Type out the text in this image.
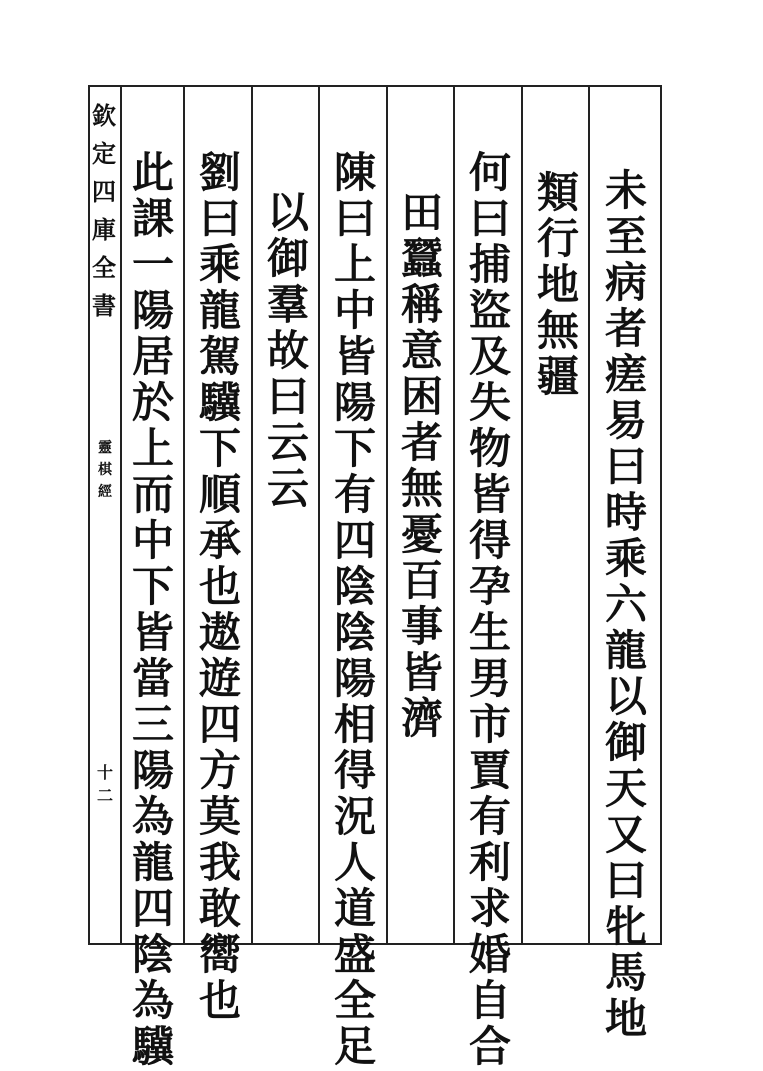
十二
未
至
病
者
瘥
易
曰
時
乘
六
龍
以
御
天
又
曰
牝
馬
地
類
行
地
無
疆
何
曰
捕
盜
及
失
物
皆
得
孕
生
男
市
賈
有
利
求
婚
自
合
田
蠶
稱
意
困
者
無
憂
百
事
皆
濟
陳
曰
上
中
皆
陽
下
有
四
陰
陰
陽
相
得
況
人
道
盛
全
足
以
御
羣
故
曰
云
云
劉
曰
乘
龍
駕
驥
下
順
承
也
遨
遊
四
方
莫
我
敢
嚮
也
此
課
一
陽
居
於
上
而
中
下
皆
當
三
陽
為
龍
四
陰
為
驥
欽
定
四
庫
全
書
靈
棋
經
